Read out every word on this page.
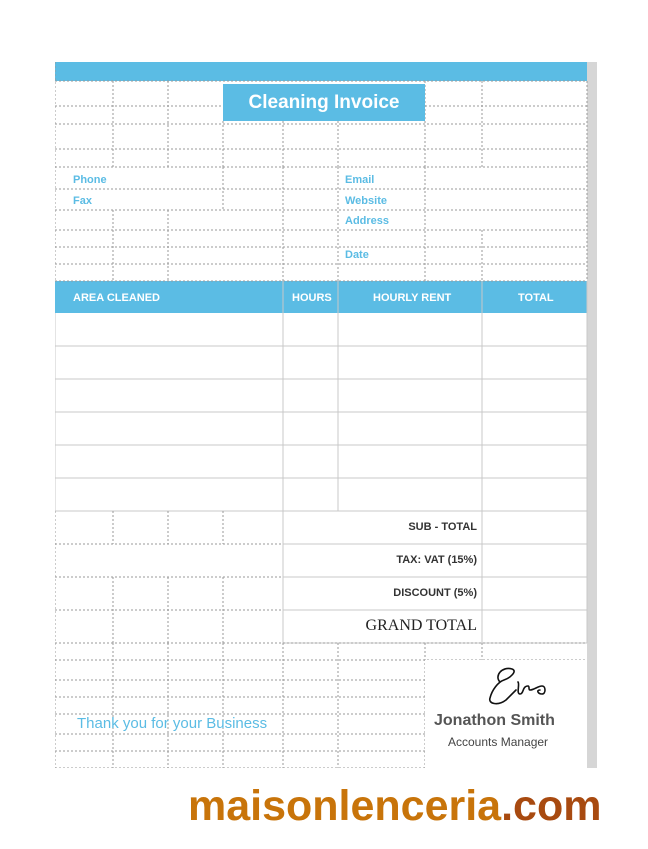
Cleaning Invoice
Phone
Fax
Email
Website
Address
Date
AREA CLEANED	HOURS	HOURLY RENT	TOTAL
SUB - TOTAL
TAX: VAT (15%)
DISCOUNT (5%)
GRAND TOTAL
Thank you for your Business	Jonathon Smith
Accounts Manager
maisonlenceria.com
